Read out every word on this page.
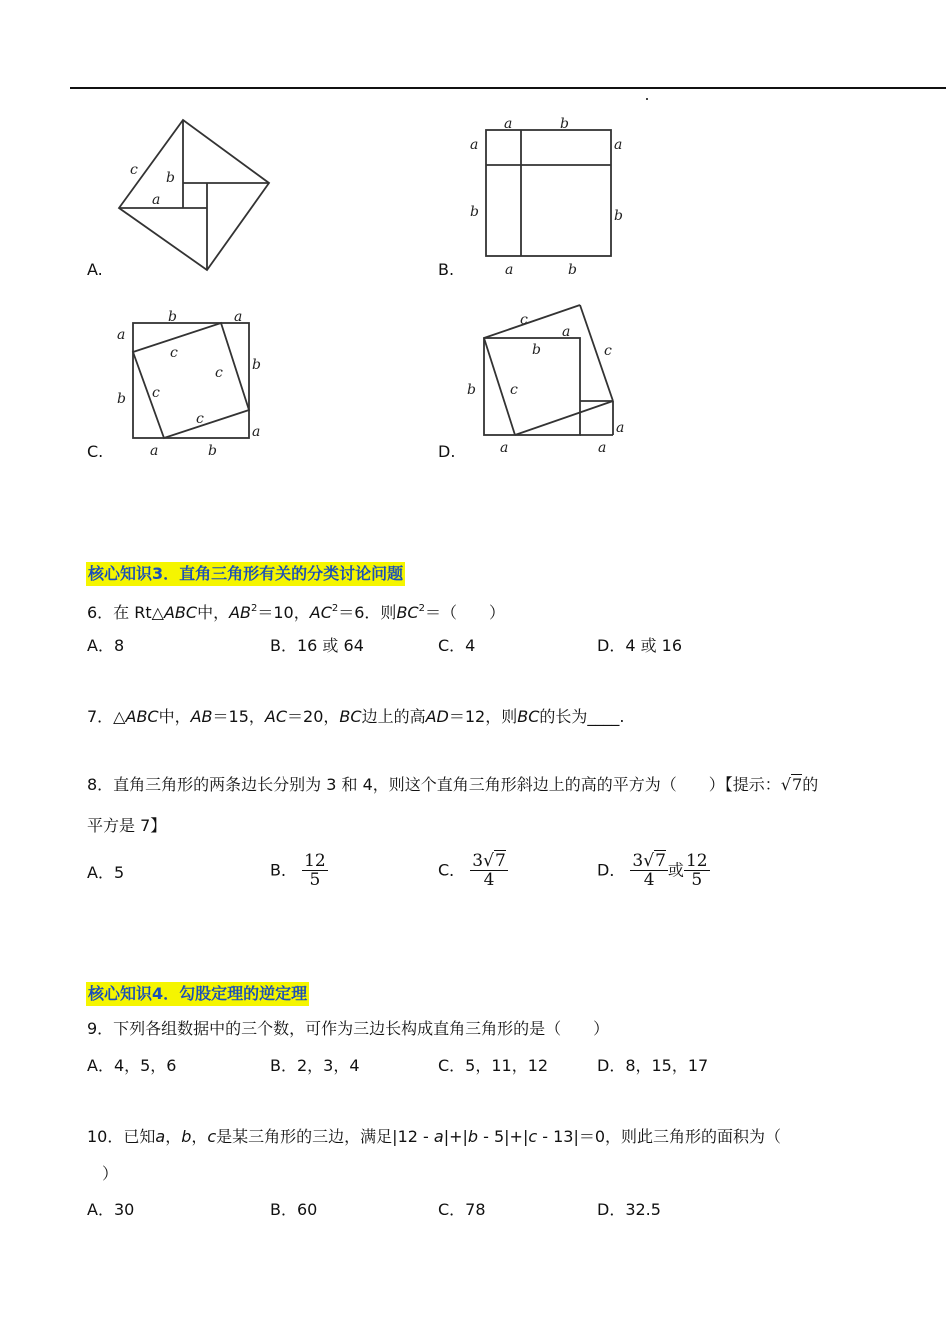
c b
a
A.
a	b
a
b
a
b
a	b
B.
b	a
a
b
b
a
c
c
c
c
a	b
C.
c
a
b	c
b c
a
a	a
D.
核心知识3．直角三角形有关的分类讨论问题
6．在 Rt△ABC中，$AB^2=10$，$AC^2=6$．则$BC^2=$（　　）
A．8	B．16 或 64	C．4	D．4 或 16
7．△ABC中，AB＝15，AC＝20，BC边上的高AD＝12，则BC的长为____.
8．直角三角形的两条边长分别为 3 和 4，则这个直角三角形斜边上的高的平方为（　　）【提示：√7的
平方是 7】
A．5	B． $\frac{12}{5}$	C． $\frac{3√7}{4}$	D． $\frac{3√7}{4}$ 或 $\frac{12}{5}$
核心知识4．勾股定理的逆定理
9．下列各组数据中的三个数，可作为三边长构成直角三角形的是（　　）
A．4，5，6	B．2，3，4	C．5，11，12	D．8，15，17
10．已知a，b，c是某三角形的三边，满足|12 - a|+|b - 5|+|c - 13|＝0，则此三角形的面积为（
）
A．30	B．60	C．78	D．32.5
